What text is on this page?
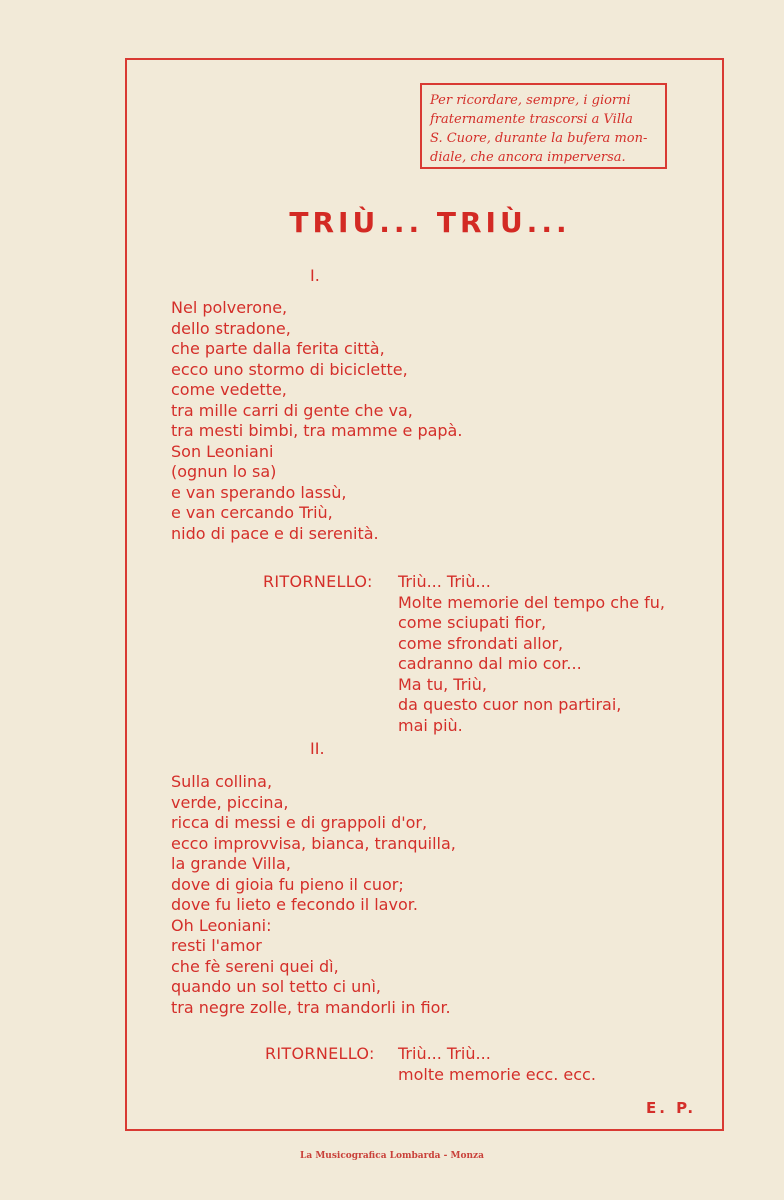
Per ricordare, sempre, i giorni
fraternamente trascorsi a Villa
S. Cuore, durante la bufera mon-
diale, che ancora imperversa.
TRIÙ... TRIÙ...
I.
Nel polverone,
dello stradone,
che parte dalla ferita città,
ecco uno stormo di biciclette,
come vedette,
tra mille carri di gente che va,
tra mesti bimbi, tra mamme e papà.
Son Leoniani
(ognun lo sa)
e van sperando lassù,
e van cercando Triù,
nido di pace e di serenità.
RITORNELLO: Triù... Triù...
Molte memorie del tempo che fu,
come sciupati fior,
come sfrondati allor,
cadranno dal mio cor...
Ma tu, Triù,
da questo cuor non partirai,
mai più.
II.
Sulla collina,
verde, piccina,
ricca di messi e di grappoli d'or,
ecco improvvisa, bianca, tranquilla,
la grande Villa,
dove di gioia fu pieno il cuor;
dove fu lieto e fecondo il lavor.
Oh Leoniani:
resti l'amor
che fè sereni quei dì,
quando un sol tetto ci unì,
tra negre zolle, tra mandorli in fior.
RITORNELLO: Triù... Triù...
molte memorie ecc. ecc.
E. P.
La Musicografica Lombarda - Monza
